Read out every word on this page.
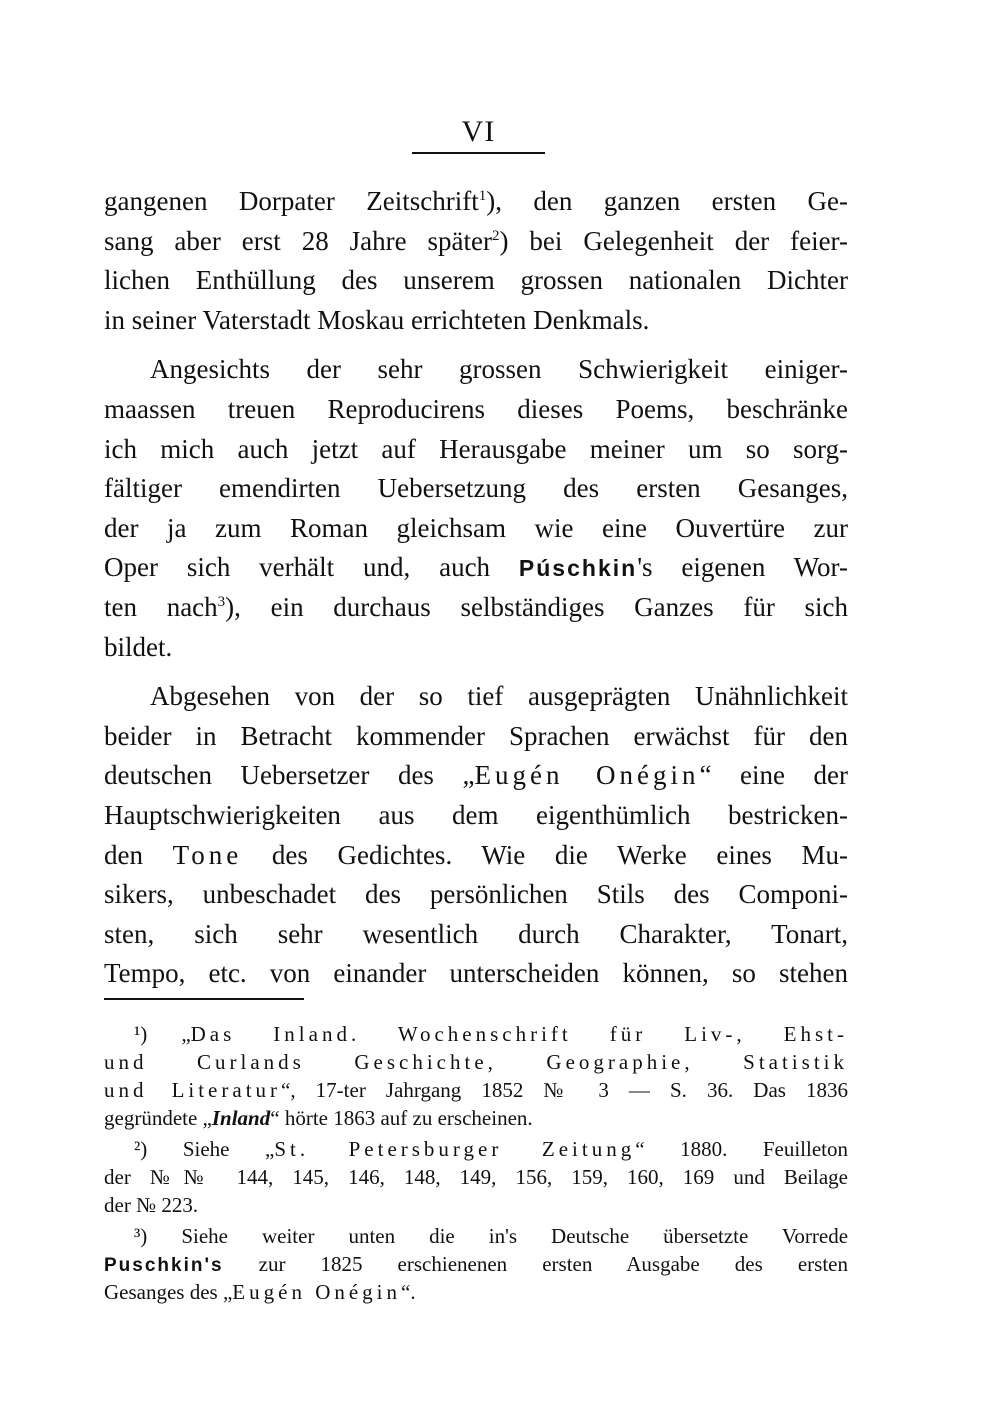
VI
gangenen Dorpater Zeitschrift$^1$), den ganzen ersten Ge-
sang aber erst 28 Jahre später$^2$) bei Gelegenheit der feier-
lichen Enthüllung des unserem grossen nationalen Dichter
in seiner Vaterstadt Moskau errichteten Denkmals.
Angesichts der sehr grossen Schwierigkeit einiger-
maassen treuen Reproducirens dieses Poems, beschränke
ich mich auch jetzt auf Herausgabe meiner um so sorg-
fältiger emendirten Uebersetzung des ersten Gesanges,
der ja zum Roman gleichsam wie eine Ouvertüre zur
Oper sich verhält und, auch Púschkin's eigenen Wor-
ten nach$^3$), ein durchaus selbständiges Ganzes für sich
bildet.
Abgesehen von der so tief ausgeprägten Unähnlichkeit
beider in Betracht kommender Sprachen erwächst für den
deutschen Uebersetzer des „Eugén Onégin“ eine der
Hauptschwierigkeiten aus dem eigenthümlich bestricken-
den Tone des Gedichtes. Wie die Werke eines Mu-
sikers, unbeschadet des persönlichen Stils des Componi-
sten, sich sehr wesentlich durch Charakter, Tonart,
Tempo, etc. von einander unterscheiden können, so stehen
¹) „Das Inland. Wochenschrift für Liv-, Ehst-
und Curlands Geschichte, Geographie, Statistik
und Literatur“, 17-ter Jahrgang 1852 № 3 — S. 36. Das 1836
gegründete „Inland“ hörte 1863 auf zu erscheinen.
²) Siehe „St. Petersburger Zeitung“ 1880. Feuilleton
der №№ 144, 145, 146, 148, 149, 156, 159, 160, 169 und Beilage
der № 223.
³) Siehe weiter unten die in's Deutsche übersetzte Vorrede
Puschkin's zur 1825 erschienenen ersten Ausgabe des ersten
Gesanges des „Eugén Onégin“.
